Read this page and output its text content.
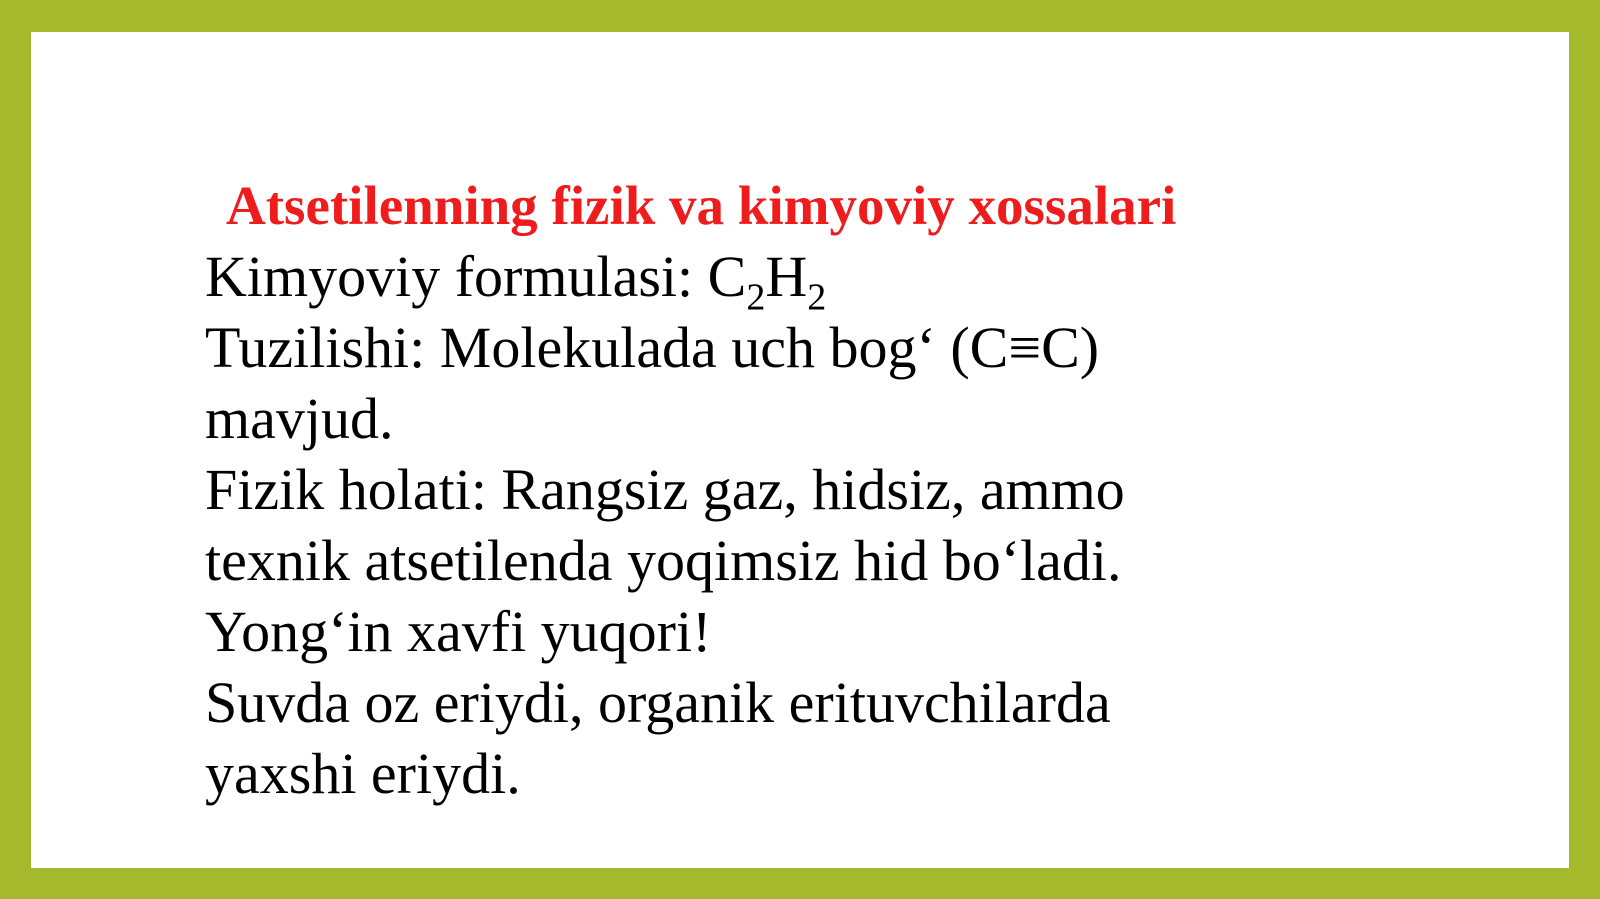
Atsetilenning fizik va kimyoviy xossalari

Kimyoviy formulasi: $C_2H_2$

Tuzilishi: Molekulada uch bog‘ (C≡C)

mavjud.

Fizik holati: Rangsiz gaz, hidsiz, ammo

texnik atsetilenda yoqimsiz hid bo‘ladi.

Yong‘in xavfi yuqori!

Suvda oz eriydi, organik erituvchilarda

yaxshi eriydi.
